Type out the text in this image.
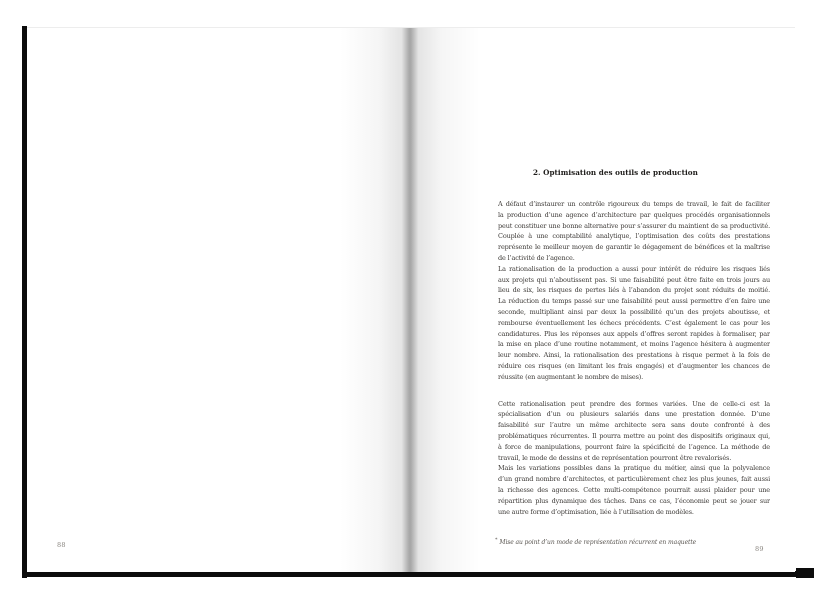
88
2. Optimisation des outils de production
A défaut d’instaurer un contrôle rigoureux du temps de travail, le fait de faciliter
la production d’une agence d’architecture par quelques procédés organisationnels
peut constituer une bonne alternative pour s’assurer du maintient de sa productivité.
Couplée à une comptabilité analytique, l’optimisation des coûts des prestations
représente le meilleur moyen de garantir le dégagement de bénéfices et la maîtrise
de l’activité de l’agence.
La rationalisation de la production a aussi pour intérêt de réduire les risques liés
aux projets qui n’aboutissent pas. Si une faisabilité peut être faite en trois jours au
lieu de six, les risques de pertes liés à l’abandon du projet sont réduits de moitié.
La réduction du temps passé sur une faisabilité peut aussi permettre d’en faire une
seconde, multipliant ainsi par deux la possibilité qu’un des projets aboutisse, et
rembourse éventuellement les échecs précédents. C’est également le cas pour les
candidatures. Plus les réponses aux appels d’offres seront rapides à formaliser, par
la mise en place d’une routine notamment, et moins l’agence hésitera à augmenter
leur nombre. Ainsi, la rationalisation des prestations à risque permet à la fois de
réduire ces risques (en limitant les frais engagés) et d’augmenter les chances de
réussite (en augmentant le nombre de mises).
Cette rationalisation peut prendre des formes variées. Une de celle-ci est la
spécialisation d’un ou plusieurs salariés dans une prestation donnée. D’une
faisabilité sur l’autre un même architecte sera sans doute confronté à des
problématiques récurrentes. Il pourra mettre au point des dispositifs originaux qui,
à force de manipulations, pourront faire la spécificité de l’agence. La méthode de
travail, le mode de dessins et de représentation pourront être revalorisés.
Mais les variations possibles dans la pratique du métier, ainsi que la polyvalence
d’un grand nombre d’architectes, et particulièrement chez les plus jeunes, fait aussi
la richesse des agences. Cette multi-compétence pourrait aussi plaider pour une
répartition plus dynamique des tâches. Dans ce cas, l’économie peut se jouer sur
une autre forme d’optimisation, liée à l’utilisation de modèles.
* Mise au point d’un mode de représentation récurrent en maquette
89
